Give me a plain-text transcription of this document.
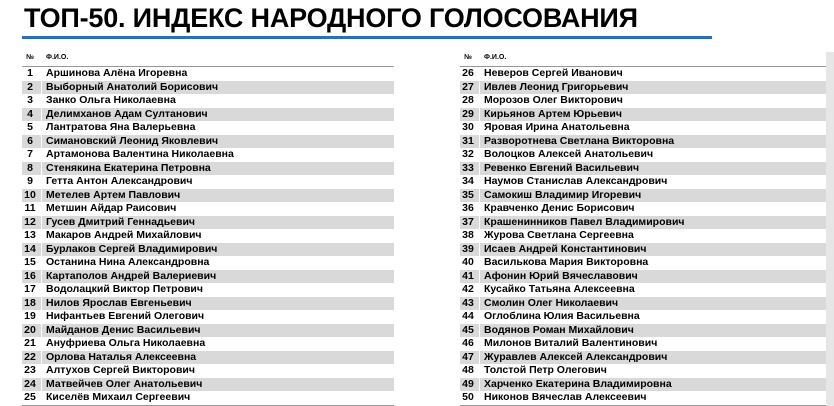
ТОП-50. ИНДЕКС НАРОДНОГО ГОЛОСОВАНИЯ
№	Ф.И.О.
1	Аршинова Алёна Игоревна
2	Выборный Анатолий Борисович
3	Занко Ольга Николаевна
4	Делимханов Адам Султанович
5	Лантратова Яна Валерьевна
6	Симановский Леонид Яковлевич
7	Артамонова Валентина Николаевна
8	Стенякина Екатерина Петровна
9	Гетта Антон Александрович
10 Метелев Артем Павлович
11 Метшин Айдар Раисович
12 Гусев Дмитрий Геннадьевич
13 Макаров Андрей Михайлович
14 Бурлаков Сергей Владимирович
15 Останина Нина Александровна
16 Картаполов Андрей Валериевич
17 Водолацкий Виктор Петрович
18 Нилов Ярослав Евгеньевич
19 Нифантьев Евгений Олегович
20 Майданов Денис Васильевич
21 Ануфриева Ольга Николаевна
22 Орлова Наталья Алексеевна
23 Алтухов Сергей Викторович
24 Матвейчев Олег Анатольевич
25 Киселёв Михаил Сергеевич
№	Ф.И.О.
26 Неверов Сергей Иванович
27 Ивлев Леонид Григорьевич
28 Морозов Олег Викторович
29 Кирьянов Артем Юрьевич
30 Яровая Ирина Анатольевна
31 Разворотнева Светлана Викторовна
32 Волоцков Алексей Анатольевич
33 Ревенко Евгений Васильевич
34 Наумов Станислав Александрович
35 Самокиш Владимир Игоревич
36 Кравченко Денис Борисович
37 Крашенинников Павел Владимирович
38 Журова Светлана Сергеевна
39 Исаев Андрей Константинович
40 Василькова Мария Викторовна
41 Афонин Юрий Вячеславович
42 Кусайко Татьяна Алексеевна
43 Смолин Олег Николаевич
44 Оглоблина Юлия Васильевна
45 Водянов Роман Михайлович
46 Милонов Виталий Валентинович
47 Журавлев Алексей Александрович
48 Толстой Петр Олегович
49 Харченко Екатерина Владимировна
50 Никонов Вячеслав Алексеевич
